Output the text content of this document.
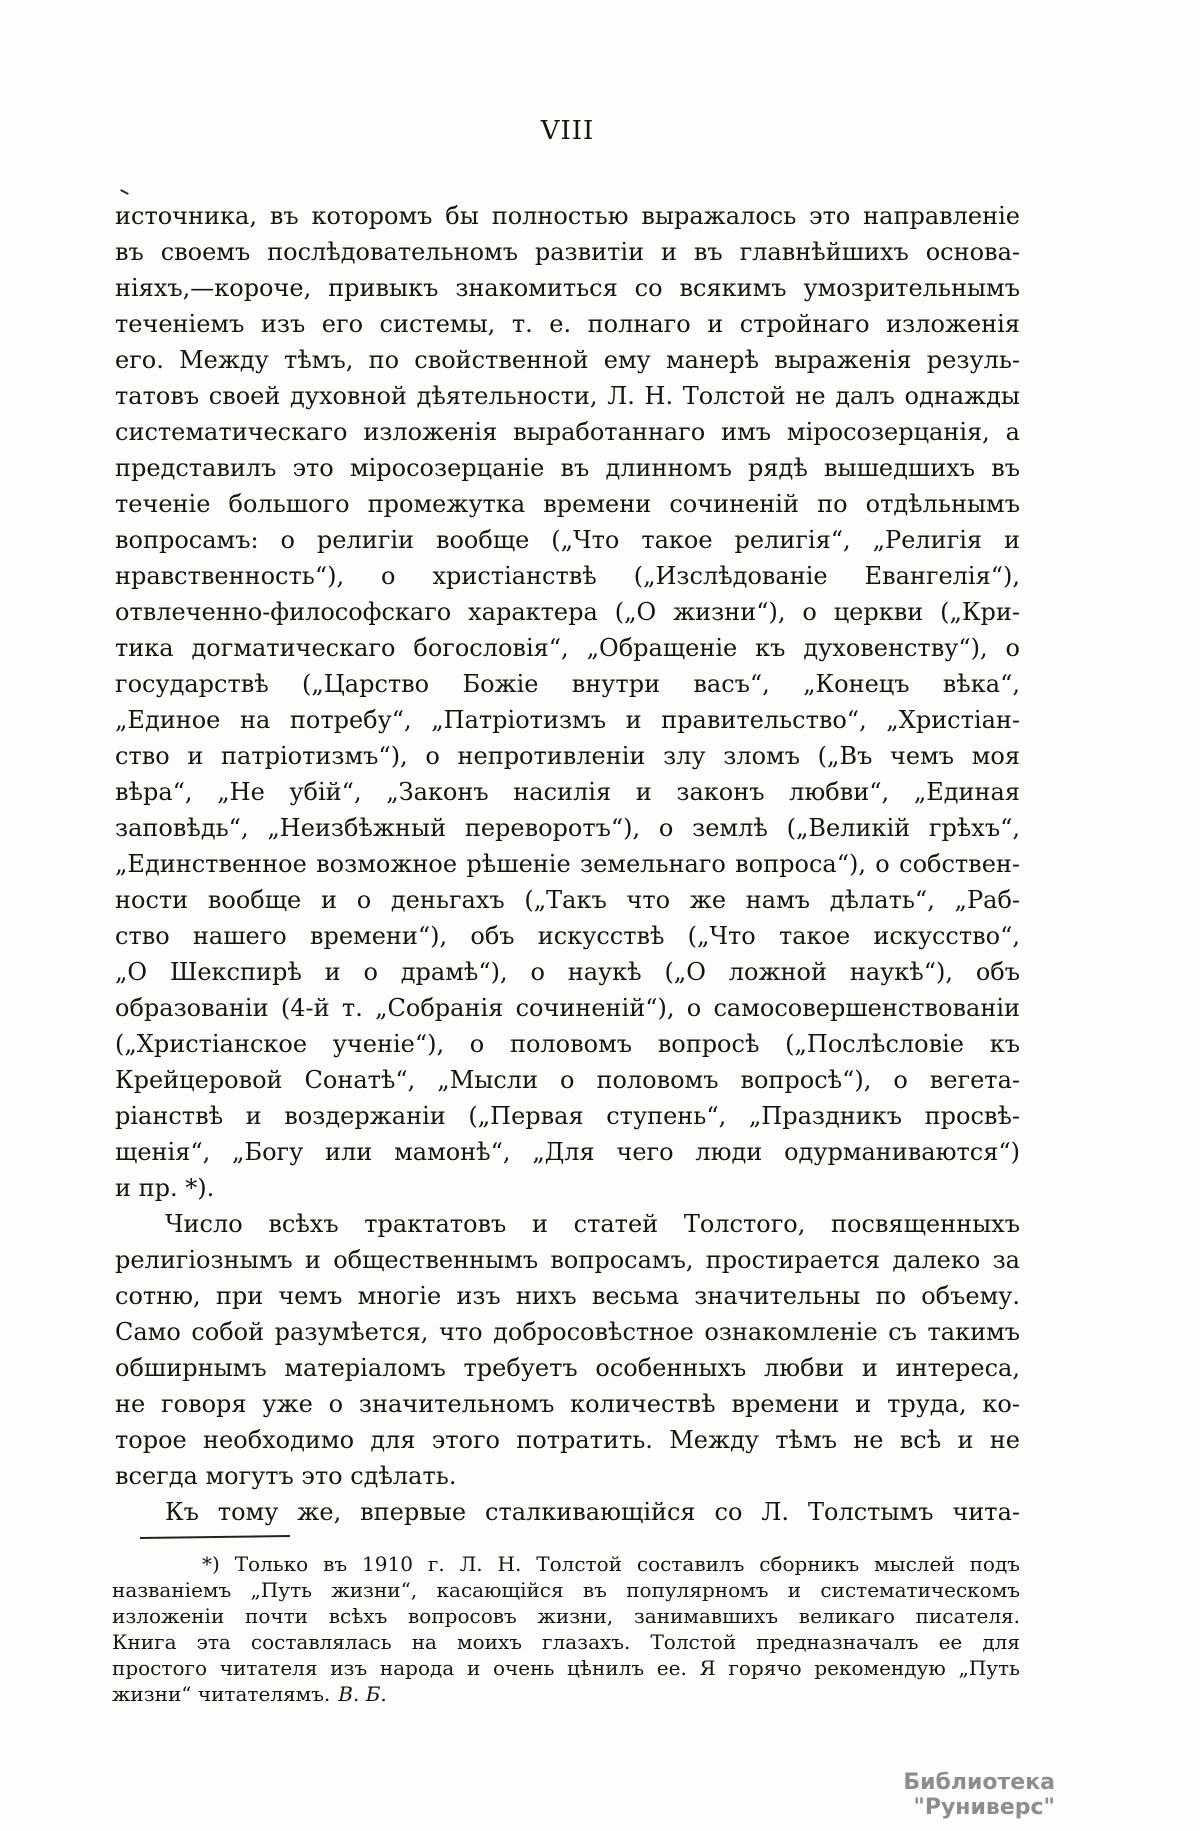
VIII
источника, въ которомъ бы полностью выражалось это направленіе
въ своемъ послѣдовательномъ развитіи и въ главнѣйшихъ основа-
ніяхъ,—короче, привыкъ знакомиться со всякимъ умозрительнымъ
теченіемъ изъ его системы, т. е. полнаго и стройнаго изложенія
его. Между тѣмъ, по свойственной ему манерѣ выраженія резуль-
татовъ своей духовной дѣятельности, Л. Н. Толстой не далъ однажды
систематическаго изложенія выработаннаго имъ міросозерцанія, а
представилъ это міросозерцаніе въ длинномъ рядѣ вышедшихъ въ
теченіе большого промежутка времени сочиненій по отдѣльнымъ
вопросамъ: о религіи вообще („Что такое религія“, „Религія и
нравственность“), о христіанствѣ („Изслѣдованіе Евангелія“),
отвлеченно-философскаго характера („О жизни“), о церкви („Кри-
тика догматическаго богословія“, „Обращеніе къ духовенству“), о
государствѣ („Царство Божіе внутри васъ“, „Конецъ вѣка“,
„Единое на потребу“, „Патріотизмъ и правительство“, „Христіан-
ство и патріотизмъ“), о непротивленіи злу зломъ („Въ чемъ моя
вѣра“, „Не убій“, „Законъ насилія и законъ любви“, „Единая
заповѣдь“, „Неизбѣжный переворотъ“), о землѣ („Великій грѣхъ“,
„Единственное возможное рѣшеніе земельнаго вопроса“), о собствен-
ности вообще и о деньгахъ („Такъ что же намъ дѣлать“, „Раб-
ство нашего времени“), объ искусствѣ („Что такое искусство“,
„О Шекспирѣ и о драмѣ“), о наукѣ („О ложной наукѣ“), объ
образованіи (4-й т. „Собранія сочиненій“), о самосовершенствованіи
(„Христіанское ученіе“), о половомъ вопросѣ („Послѣсловіе къ
Крейцеровой Сонатѣ“, „Мысли о половомъ вопросѣ“), о вегета-
ріанствѣ и воздержаніи („Первая ступень“, „Праздникъ просвѣ-
щенія“, „Богу или мамонѣ“, „Для чего люди одурманиваются“)
и пр. *).
Число всѣхъ трактатовъ и статей Толстого, посвященныхъ
религіознымъ и общественнымъ вопросамъ, простирается далеко за
сотню, при чемъ многіе изъ нихъ весьма значительны по объему.
Само собой разумѣется, что добросовѣстное ознакомленіе съ такимъ
обширнымъ матеріаломъ требуетъ особенныхъ любви и интереса,
не говоря уже о значительномъ количествѣ времени и труда, ко-
торое необходимо для этого потратить. Между тѣмъ не всѣ и не
всегда могутъ это сдѣлать.
Къ тому же, впервые сталкивающійся со Л. Толстымъ чита-
*) Только въ 1910 г. Л. Н. Толстой составилъ сборникъ мыслей подъ
названіемъ „Путь жизни“, касающійся въ популярномъ и систематическомъ
изложеніи почти всѣхъ вопросовъ жизни, занимавшихъ великаго писателя.
Книга эта составлялась на моихъ глазахъ. Толстой предназначалъ ее для
простого читателя изъ народа и очень цѣнилъ ее. Я горячо рекомендую „Путь
жизни“ читателямъ. В. Б.
Библиотека "Руниверс"
